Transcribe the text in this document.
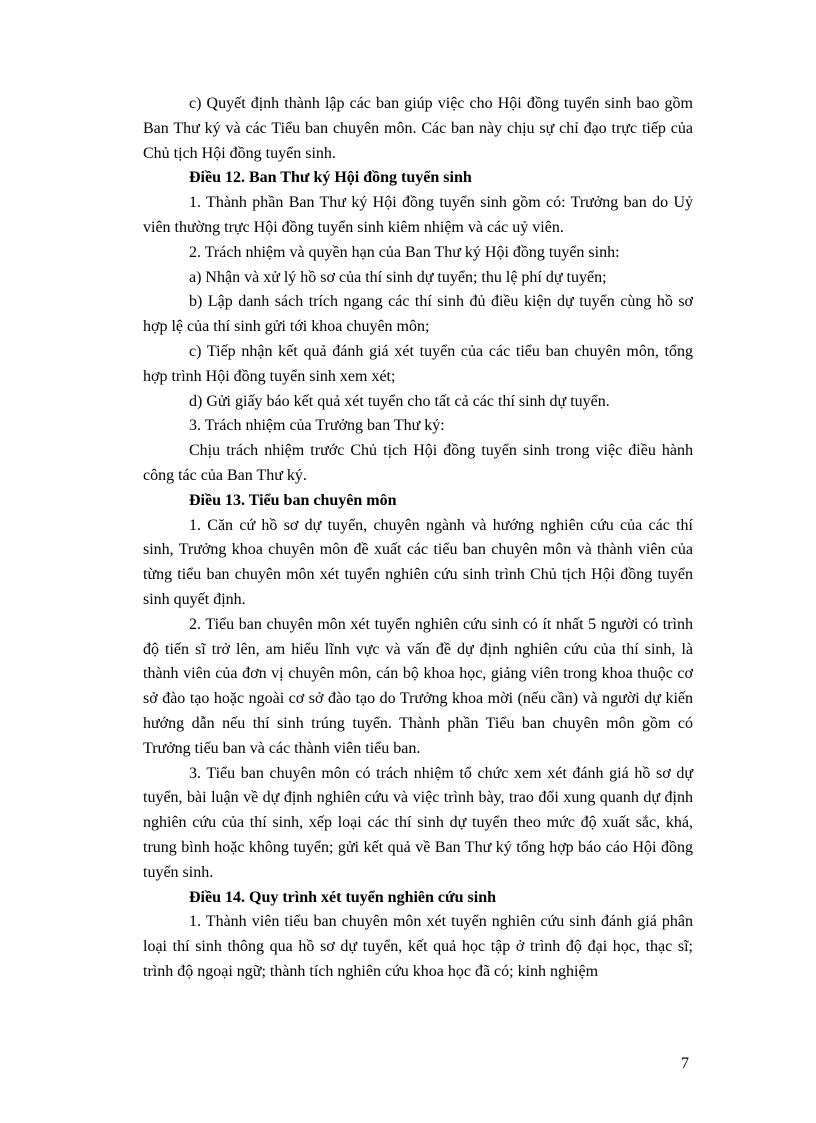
c) Quyết định thành lập các ban giúp việc cho Hội đồng tuyển sinh bao gồm Ban Thư ký và các Tiểu ban chuyên môn. Các ban này chịu sự chỉ đạo trực tiếp của Chủ tịch Hội đồng tuyển sinh.

Điều 12. Ban Thư ký Hội đồng tuyển sinh

1. Thành phần Ban Thư ký Hội đồng tuyển sinh gồm có: Trưởng ban do Uỷ viên thường trực Hội đồng tuyển sinh kiêm nhiệm và các uỷ viên.

2. Trách nhiệm và quyền hạn của Ban Thư ký Hội đồng tuyển sinh:

a) Nhận và xử lý hồ sơ của thí sinh dự tuyển; thu lệ phí dự tuyển;

b) Lập danh sách trích ngang các thí sinh đủ điều kiện dự tuyển cùng hồ sơ hợp lệ của thí sinh gửi tới khoa chuyên môn;

c) Tiếp nhận kết quả đánh giá xét tuyển của các tiểu ban chuyên môn, tổng hợp trình Hội đồng tuyển sinh xem xét;

d) Gửi giấy báo kết quả xét tuyển cho tất cả các thí sinh dự tuyển.

3. Trách nhiệm của Trưởng ban Thư ký:

Chịu trách nhiệm trước Chủ tịch Hội đồng tuyển sinh trong việc điều hành công tác của Ban Thư ký.

Điều 13. Tiểu ban chuyên môn

1. Căn cứ hồ sơ dự tuyển, chuyên ngành và hướng nghiên cứu của các thí sinh, Trưởng khoa chuyên môn đề xuất các tiểu ban chuyên môn và thành viên của từng tiểu ban chuyên môn xét tuyển nghiên cứu sinh trình Chủ tịch Hội đồng tuyển sinh quyết định.

2. Tiểu ban chuyên môn xét tuyển nghiên cứu sinh có ít nhất 5 người có trình độ tiến sĩ trở lên, am hiểu lĩnh vực và vấn đề dự định nghiên cứu của thí sinh, là thành viên của đơn vị chuyên môn, cán bộ khoa học, giảng viên trong khoa thuộc cơ sở đào tạo hoặc ngoài cơ sở đào tạo do Trưởng khoa mời (nếu cần) và người dự kiến hướng dẫn nếu thí sinh trúng tuyển. Thành phần Tiểu ban chuyên môn gồm có Trưởng tiểu ban và các thành viên tiểu ban.

3. Tiểu ban chuyên môn có trách nhiệm tổ chức xem xét đánh giá hồ sơ dự tuyển, bài luận về dự định nghiên cứu và việc trình bày, trao đổi xung quanh dự định nghiên cứu của thí sinh, xếp loại các thí sinh dự tuyển theo mức độ xuất sắc, khá, trung bình hoặc không tuyển; gửi kết quả về Ban Thư ký tổng hợp báo cáo Hội đồng tuyển sinh.

Điều 14. Quy trình xét tuyển nghiên cứu sinh

1. Thành viên tiểu ban chuyên môn xét tuyển nghiên cứu sinh đánh giá phân loại thí sinh thông qua hồ sơ dự tuyển, kết quả học tập ở trình độ đại học, thạc sĩ; trình độ ngoại ngữ; thành tích nghiên cứu khoa học đã có; kinh nghiệm

7
